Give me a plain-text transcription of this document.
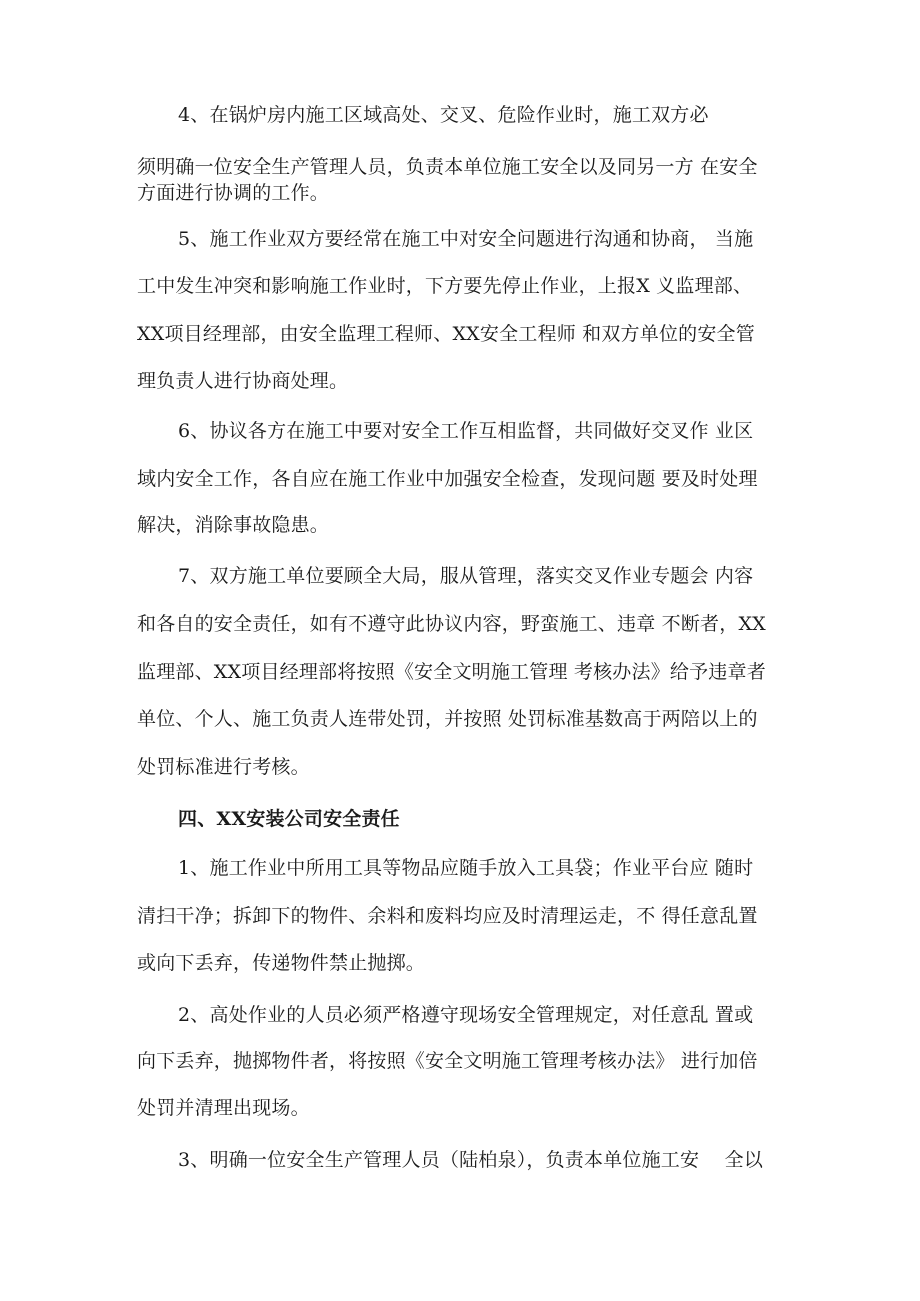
4、在锅炉房内施工区域高处、交叉、危险作业时，施工双方必
须明确一位安全生产管理人员，负责本单位施工安全以及同另一方 在安全
方面进行协调的工作。
5、施工作业双方要经常在施工中对安全问题进行沟通和协商， 当施
工中发生冲突和影响施工作业时，下方要先停止作业，上报X 义监理部、
XX项目经理部，由安全监理工程师、XX安全工程师 和双方单位的安全管
理负责人进行协商处理。
6、协议各方在施工中要对安全工作互相监督，共同做好交叉作 业区
域内安全工作，各自应在施工作业中加强安全检查，发现问题 要及时处理
解决，消除事故隐患。
7、双方施工单位要顾全大局，服从管理，落实交叉作业专题会 内容
和各自的安全责任，如有不遵守此协议内容，野蛮施工、违章 不断者，XX
监理部、XX项目经理部将按照《安全文明施工管理 考核办法》给予违章者
单位、个人、施工负责人连带处罚，并按照 处罚标准基数高于两陪以上的
处罚标准进行考核。
四、XX安装公司安全责任
1、施工作业中所用工具等物品应随手放入工具袋；作业平台应 随时
清扫干净；拆卸下的物件、余料和废料均应及时清理运走，不 得任意乱置
或向下丢弃，传递物件禁止抛掷。
2、高处作业的人员必须严格遵守现场安全管理规定，对任意乱 置或
向下丢弃，抛掷物件者，将按照《安全文明施工管理考核办法》 进行加倍
处罚并清理出现场。
3、明确一位安全生产管理人员（陆柏泉），负责本单位施工安　 全以
